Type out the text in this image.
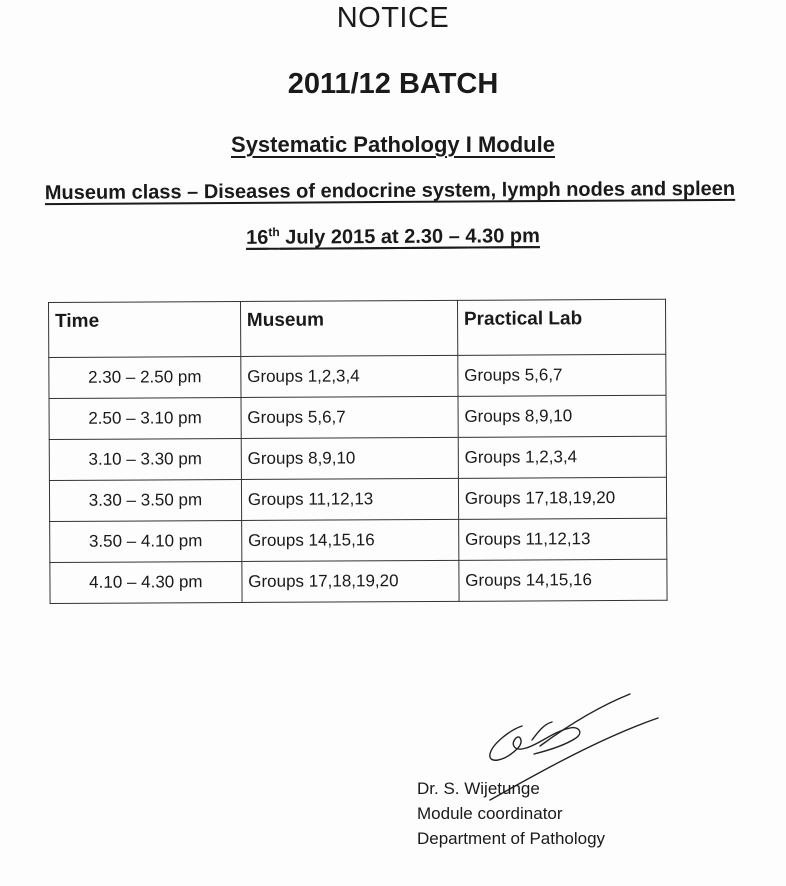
NOTICE
2011/12 BATCH
Systematic Pathology I Module
Museum class – Diseases of endocrine system, lymph nodes and spleen
16th July 2015 at 2.30 – 4.30 pm
Time	Museum	Practical Lab
2.30 – 2.50 pm	Groups 1,2,3,4	Groups 5,6,7
2.50 – 3.10 pm	Groups 5,6,7	Groups 8,9,10
3.10 – 3.30 pm	Groups 8,9,10	Groups 1,2,3,4
3.30 – 3.50 pm	Groups 11,12,13	Groups 17,18,19,20
3.50 – 4.10 pm	Groups 14,15,16	Groups 11,12,13
4.10 – 4.30 pm	Groups 17,18,19,20	Groups 14,15,16
Dr. S. Wijetunge
Module coordinator
Department of Pathology
